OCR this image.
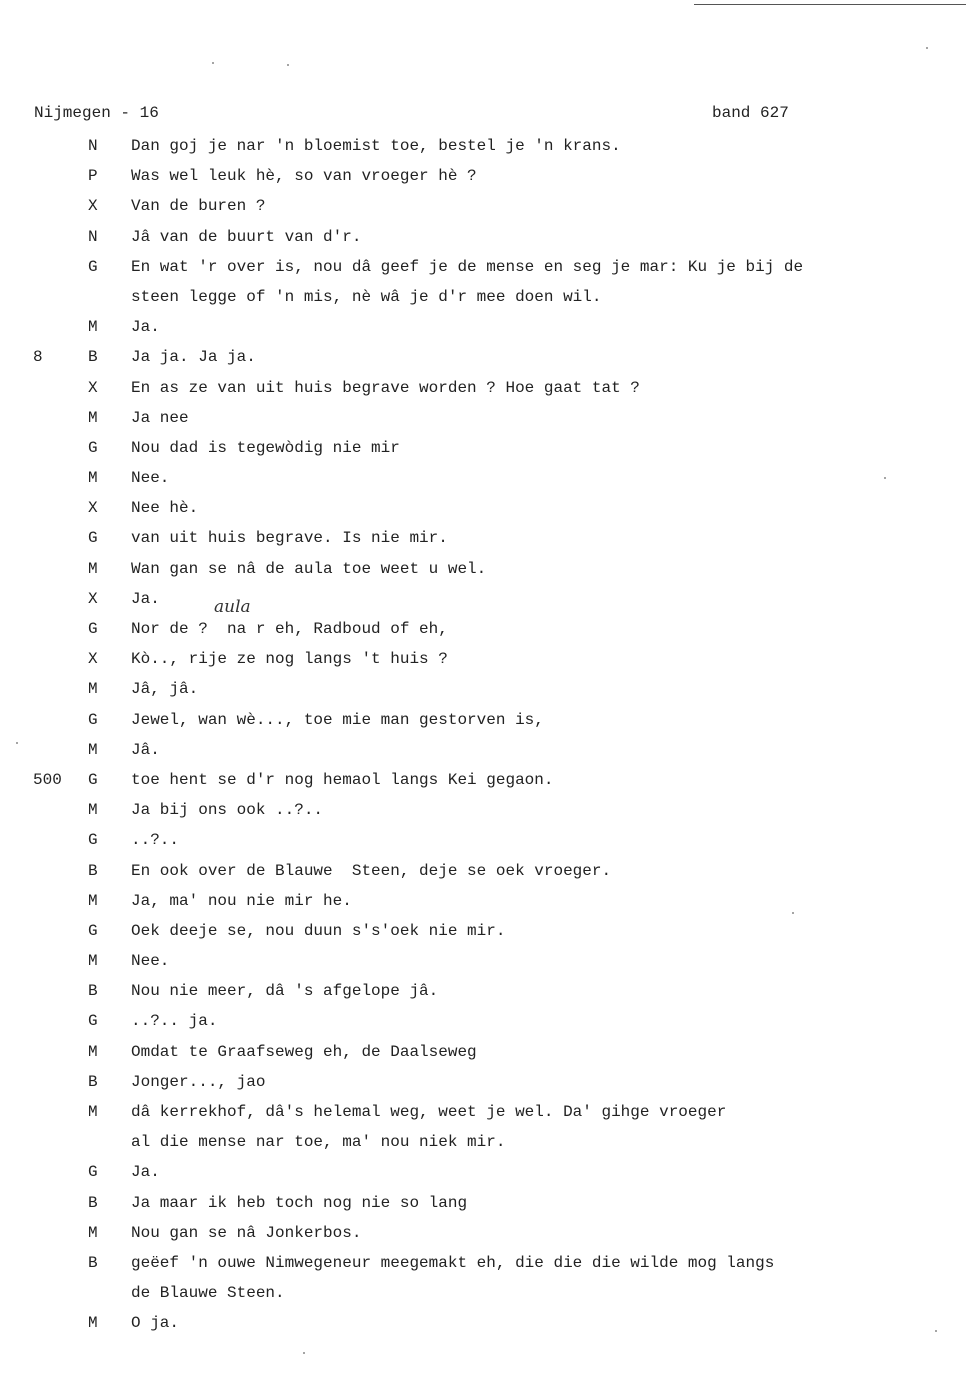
Nijmegen - 16	band 627
N	Dan goj je nar 'n bloemist toe, bestel je 'n krans.
P	Was wel leuk hè, so van vroeger hè ?
X	Van de buren ?
N	Jâ van de buurt van d'r.
G	En wat 'r over is, nou dâ geef je de mense en seg je mar: Ku je bij de
steen legge of 'n mis, nè wâ je d'r mee doen wil.
M	Ja.
8	B	Ja ja. Ja ja.
X	En as ze van uit huis begrave worden ? Hoe gaat tat ?
M	Ja nee
G	Nou dad is tegewòdig nie mir
M	Nee.
X	Nee hè.
G	van uit huis begrave. Is nie mir.
M	Wan gan se nâ de aula toe weet u wel.
X	Ja.
G	Nor de ?  na r eh, Radboud of eh,
aula
X	Kò.., rije ze nog langs 't huis ?
M	Jâ, jâ.
G	Jewel, wan wè..., toe mie man gestorven is,
M	Jâ.
500 G	toe hent se d'r nog hemaol langs Kei gegaon.
M	Ja bij ons ook ..?..
G	..?..
B	En ook over de Blauwe  Steen, deje se oek vroeger.
M	Ja, ma' nou nie mir he.
G	Oek deeje se, nou duun s's'oek nie mir.
M	Nee.
B	Nou nie meer, dâ 's afgelope jâ.
G	..?.. ja.
M	Omdat te Graafseweg eh, de Daalseweg
B	Jonger..., jao
M	dâ kerrekhof, dâ's helemal weg, weet je wel. Da' gihge vroeger
al die mense nar toe, ma' nou niek mir.
G	Ja.
B	Ja maar ik heb toch nog nie so lang
M	Nou gan se nâ Jonkerbos.
B	geëef 'n ouwe Nimwegeneur meegemakt eh, die die die wilde mog langs
de Blauwe Steen.
M	O ja.
